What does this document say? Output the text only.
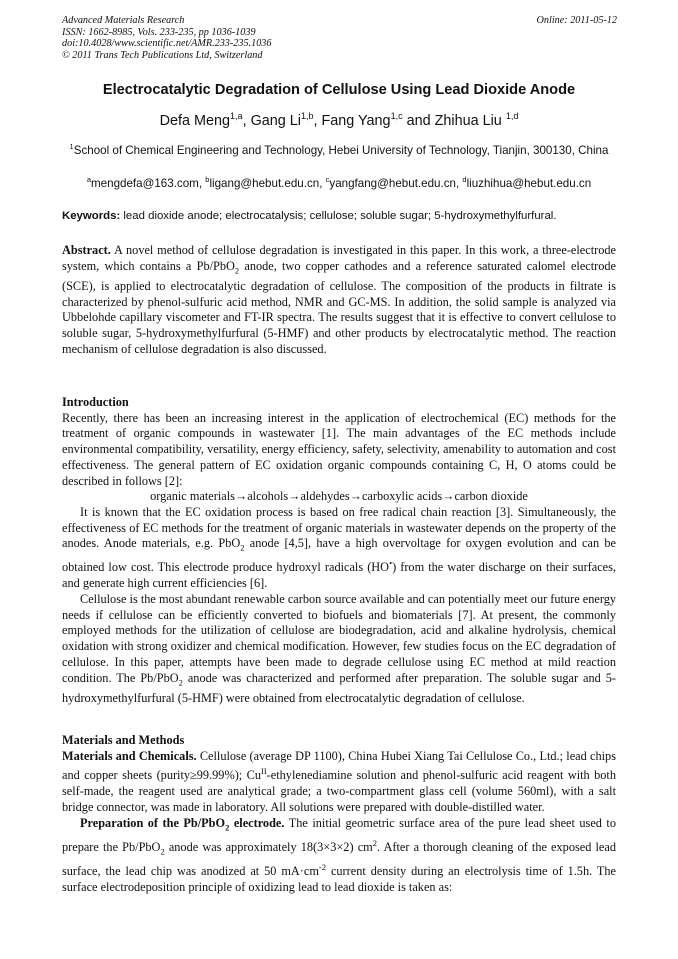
Advanced Materials Research
ISSN: 1662-8985, Vols. 233-235, pp 1036-1039
doi:10.4028/www.scientific.net/AMR.233-235.1036
© 2011 Trans Tech Publications Ltd, Switzerland
Online: 2011-05-12
Electrocatalytic Degradation of Cellulose Using Lead Dioxide Anode
Defa Meng$^{1,a}$, Gang Li$^{1,b}$, Fang Yang$^{1,c}$ and Zhihua Liu $^{1,d}$
$^1$School of Chemical Engineering and Technology, Hebei University of Technology, Tianjin, 300130, China
$^a$mengdefa@163.com, $^b$ligang@hebut.edu.cn, $^c$yangfang@hebut.edu.cn, $^d$liuzhihua@hebut.edu.cn
Keywords: lead dioxide anode; electrocatalysis; cellulose; soluble sugar; 5-hydroxymethylfurfural.

Abstract. A novel method of cellulose degradation is investigated in this paper. In this work, a three-electrode system, which contains a Pb/PbO$_2$ anode, two copper cathodes and a reference saturated calomel electrode (SCE), is applied to electrocatalytic degradation of cellulose. The composition of the products in filtrate is characterized by phenol-sulfuric acid method, NMR and GC-MS. In addition, the solid sample is analyzed via Ubbelohde capillary viscometer and FT-IR spectra. The results suggest that it is effective to convert cellulose to soluble sugar, 5-hydroxymethylfurfural (5-HMF) and other products by electrocatalytic method. The reaction mechanism of cellulose degradation is also discussed.

Introduction

Recently, there has been an increasing interest in the application of electrochemical (EC) methods for the treatment of organic compounds in wastewater [1]. The main advantages of the EC methods include environmental compatibility, versatility, energy efficiency, safety, selectivity, amenability to automation and cost effectiveness. The general pattern of EC oxidation organic compounds containing C, H, O atoms could be described in follows [2]:

organic materials→alcohols→aldehydes→carboxylic acids→carbon dioxide

It is known that the EC oxidation process is based on free radical chain reaction [3]. Simultaneously, the effectiveness of EC methods for the treatment of organic materials in wastewater depends on the property of the anodes. Anode materials, e.g. PbO$_2$ anode [4,5], have a high overvoltage for oxygen evolution and can be obtained low cost. This electrode produce hydroxyl radicals (HO•) from the water discharge on their surfaces, and generate high current efficiencies [6].

Cellulose is the most abundant renewable carbon source available and can potentially meet our future energy needs if cellulose can be efficiently converted to biofuels and biomaterials [7]. At present, the commonly employed methods for the utilization of cellulose are biodegradation, acid and alkaline hydrolysis, chemical oxidation with strong oxidizer and chemical modification. However, few studies focus on the EC degradation of cellulose. In this paper, attempts have been made to degrade cellulose using EC method at mild reaction condition. The Pb/PbO$_2$ anode was characterized and performed after preparation. The soluble sugar and 5-hydroxymethylfurfural (5-HMF) were obtained from electrocatalytic degradation of cellulose.

Materials and Methods

Materials and Chemicals. Cellulose (average DP 1100), China Hubei Xiang Tai Cellulose Co., Ltd.; lead chips and copper sheets (purity≥99.99%); $Cu^{II}$-ethylenediamine solution and phenol-sulfuric acid reagent with both self-made, the reagent used are analytical grade; a two-compartment glass cell (volume 560ml), with a salt bridge connector, was made in laboratory. All solutions were prepared with double-distilled water.

Preparation of the Pb/PbO$_2$ electrode. The initial geometric surface area of the pure lead sheet used to prepare the Pb/PbO$_2$ anode was approximately 18(3×3×2) $cm^2$. After a thorough cleaning of the exposed lead surface, the lead chip was anodized at 50 $mA\cdot cm^{-2}$ current density during an electrolysis time of 1.5h. The surface electrodeposition principle of oxidizing lead to lead dioxide is taken as:
